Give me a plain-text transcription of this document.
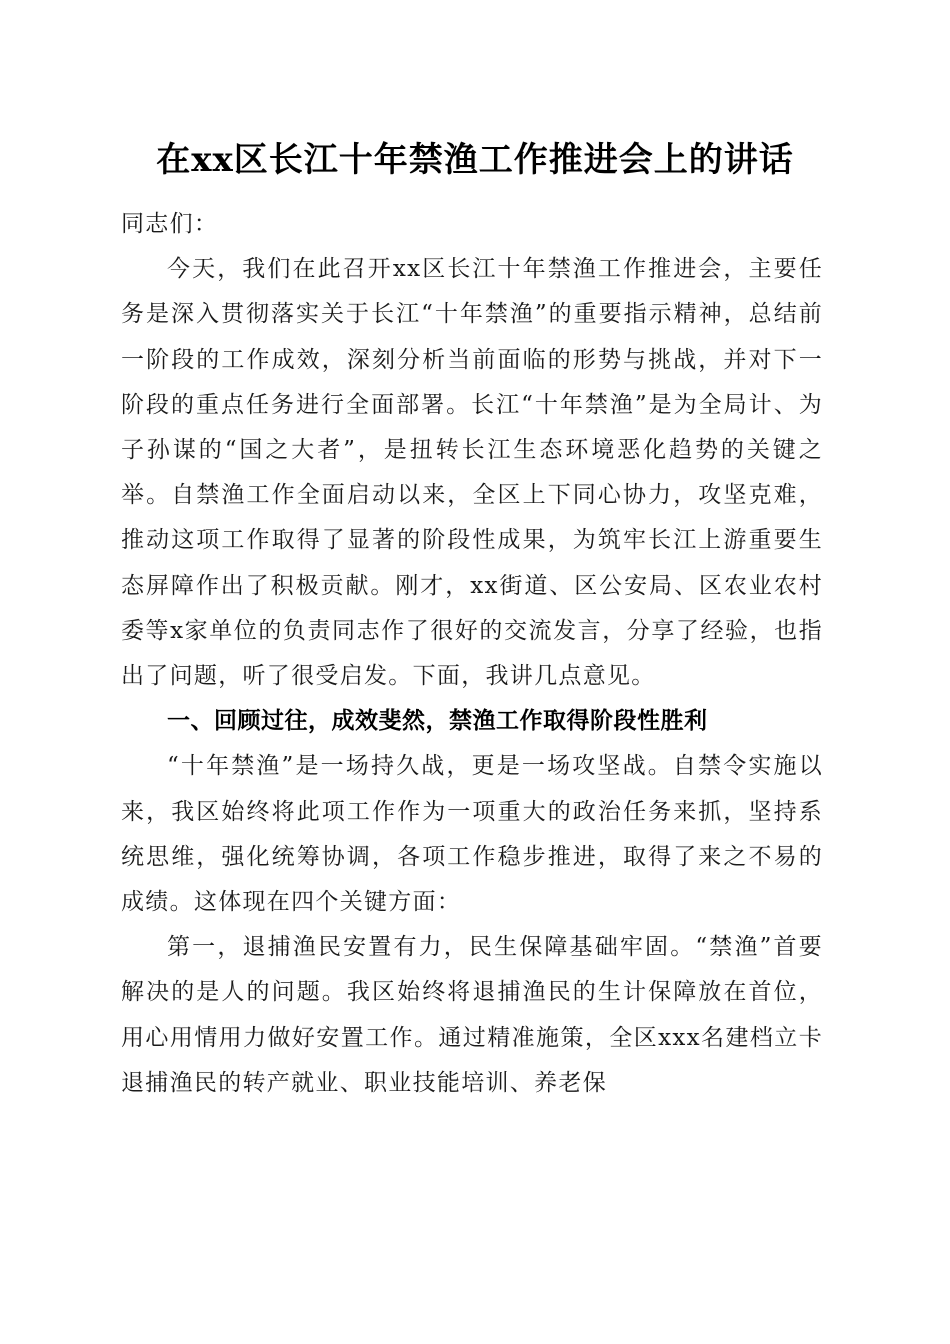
在xx区长江十年禁渔工作推进会上的讲话

同志们：

今天，我们在此召开xx区长江十年禁渔工作推进会，主要任务是深入贯彻落实关于长江“十年禁渔”的重要指示精神，总结前一阶段的工作成效，深刻分析当前面临的形势与挑战，并对下一阶段的重点任务进行全面部署。长江“十年禁渔”是为全局计、为子孙谋的“国之大者”，是扭转长江生态环境恶化趋势的关键之举。自禁渔工作全面启动以来，全区上下同心协力，攻坚克难，推动这项工作取得了显著的阶段性成果，为筑牢长江上游重要生态屏障作出了积极贡献。刚才，xx街道、区公安局、区农业农村委等x家单位的负责同志作了很好的交流发言，分享了经验，也指出了问题，听了很受启发。下面，我讲几点意见。

一、回顾过往，成效斐然，禁渔工作取得阶段性胜利

“十年禁渔”是一场持久战，更是一场攻坚战。自禁令实施以来，我区始终将此项工作作为一项重大的政治任务来抓，坚持系统思维，强化统筹协调，各项工作稳步推进，取得了来之不易的成绩。这体现在四个关键方面：

第一，退捕渔民安置有力，民生保障基础牢固。“禁渔”首要解决的是人的问题。我区始终将退捕渔民的生计保障放在首位，用心用情用力做好安置工作。通过精准施策，全区xxx名建档立卡退捕渔民的转产就业、职业技能培训、养老保
